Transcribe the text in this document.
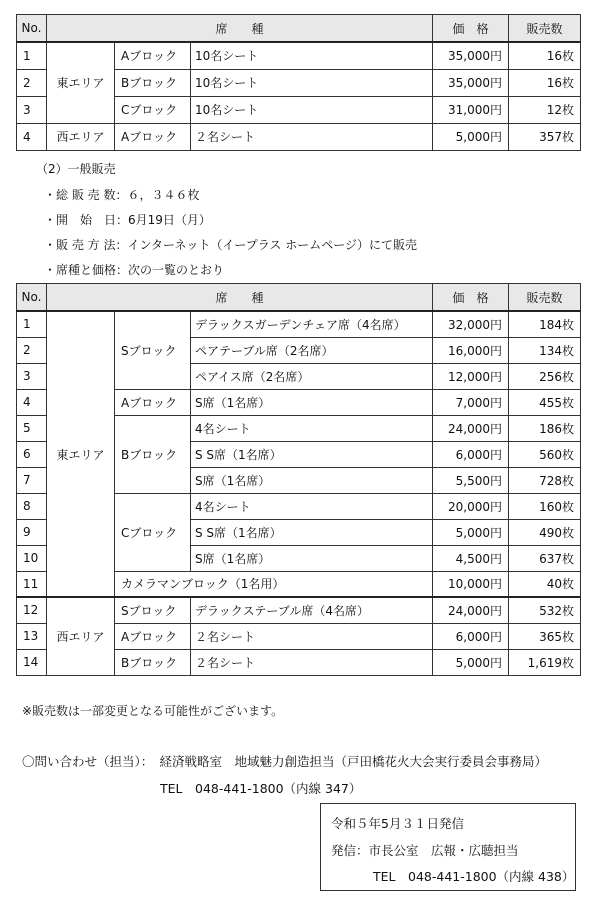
No.	席　　種			価　格	販売数
1	東エリア	Aブロック	10名シート	35,000円	16枚
2		Bブロック	10名シート	35,000円	16枚
3		Cブロック	10名シート	31,000円	12枚
4	西エリア	Aブロック	２名シート	5,000円	357枚
（2）一般販売
・総 販 売 数：６，３４６枚
・開　始　日：6月19日（月）
・販 売 方 法：インターネット（イープラス ホームページ）にて販売
・席種と価格：次の一覧のとおり
No.	席　　種			価　格	販売数
1	東エリア	Sブロック	デラックスガーデンチェア席（4名席）	32,000円	184枚
2			ペアテーブル席（2名席）	16,000円	134枚
3			ペアイス席（2名席）	12,000円	256枚
4		Aブロック	S席（1名席）	7,000円	455枚
5		Bブロック	4名シート	24,000円	186枚
6			S S席（1名席）	6,000円	560枚
7			S席（1名席）	5,500円	728枚
8		Cブロック	4名シート	20,000円	160枚
9			S S席（1名席）	5,000円	490枚
10			S席（1名席）	4,500円	637枚
11		カメラマンブロック（1名用）		10,000円	40枚
12	西エリア	Sブロック	デラックステーブル席（4名席）	24,000円	532枚
13		Aブロック	２名シート	6,000円	365枚
14		Bブロック	２名シート	5,000円	1,619枚
※販売数は一部変更となる可能性がございます。
〇問い合わせ（担当）：　経済戦略室　地域魅力創造担当（戸田橋花火大会実行委員会事務局）
TEL　048-441-1800（内線 347）
令和５年5月３１日発信
発信：市長公室　広報・広聴担当
TEL　048-441-1800（内線 438）
